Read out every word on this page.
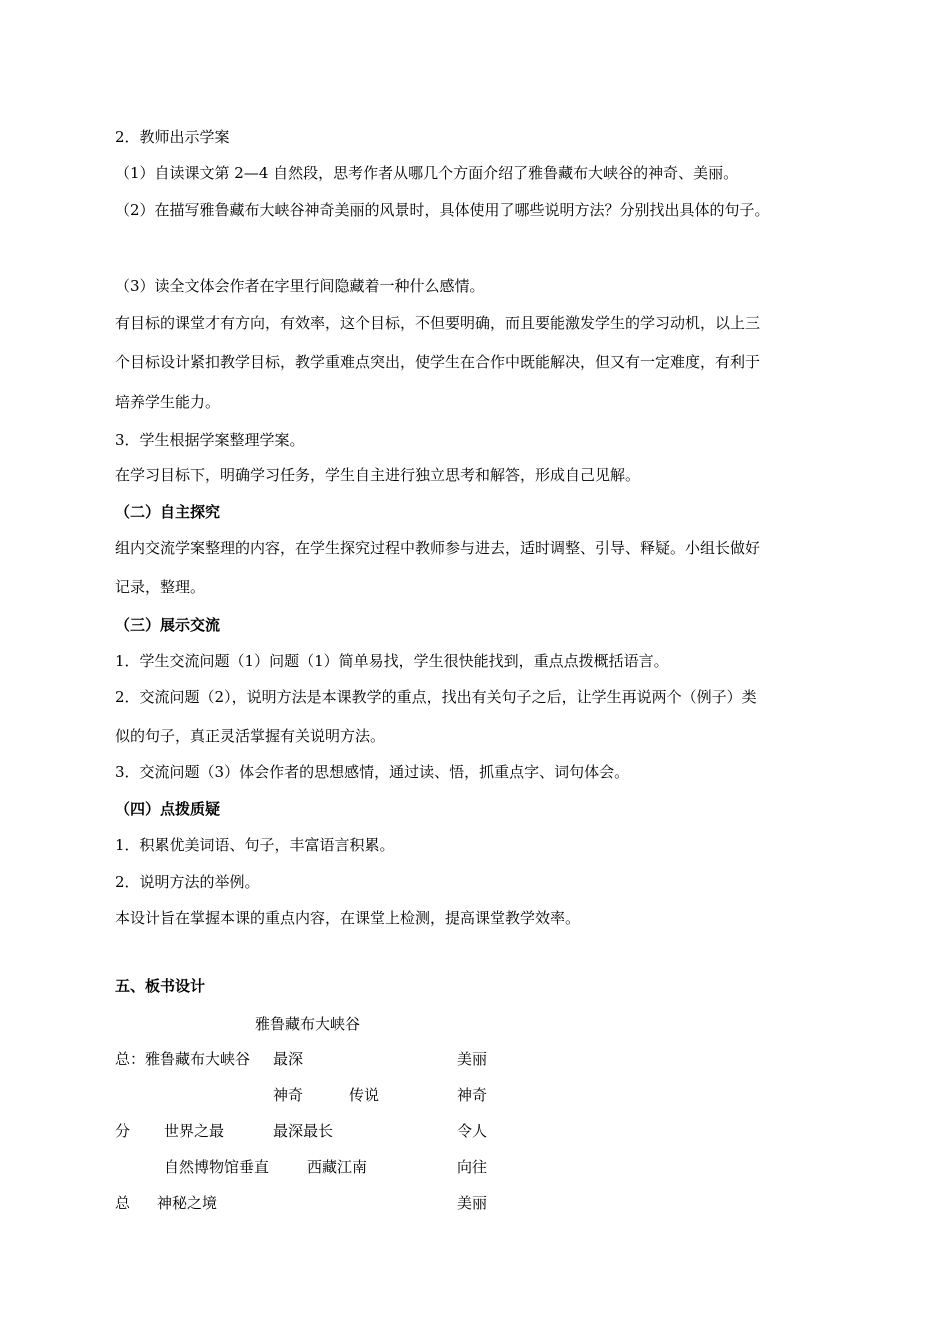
2．教师出示学案
（1）自读课文第 2—4 自然段，思考作者从哪几个方面介绍了雅鲁藏布大峡谷的神奇、美丽。
（2）在描写雅鲁藏布大峡谷神奇美丽的风景时，具体使用了哪些说明方法？分别找出具体的句子。
（3）读全文体会作者在字里行间隐藏着一种什么感情。
有目标的课堂才有方向，有效率，这个目标，不但要明确，而且要能激发学生的学习动机，以上三
个目标设计紧扣教学目标，教学重难点突出，使学生在合作中既能解决，但又有一定难度，有利于
培养学生能力。
3．学生根据学案整理学案。
在学习目标下，明确学习任务，学生自主进行独立思考和解答，形成自己见解。
（二）自主探究
组内交流学案整理的内容，在学生探究过程中教师参与进去，适时调整、引导、释疑。小组长做好
记录，整理。
（三）展示交流
1．学生交流问题（1）问题（1）简单易找，学生很快能找到，重点点拨概括语言。
2．交流问题（2），说明方法是本课教学的重点，找出有关句子之后，让学生再说两个（例子）类
似的句子，真正灵活掌握有关说明方法。
3．交流问题（3）体会作者的思想感情，通过读、悟，抓重点字、词句体会。
（四）点拨质疑
1．积累优美词语、句子，丰富语言积累。
2．说明方法的举例。
本设计旨在掌握本课的重点内容，在课堂上检测，提高课堂教学效率。
五、板书设计
雅鲁藏布大峡谷
总：雅鲁藏布大峡谷 最深	美丽
神奇	传说	神奇
分 世界之最	最深最长	令人
自然博物馆垂直	西藏江南	向往
总 神秘之境	美丽
